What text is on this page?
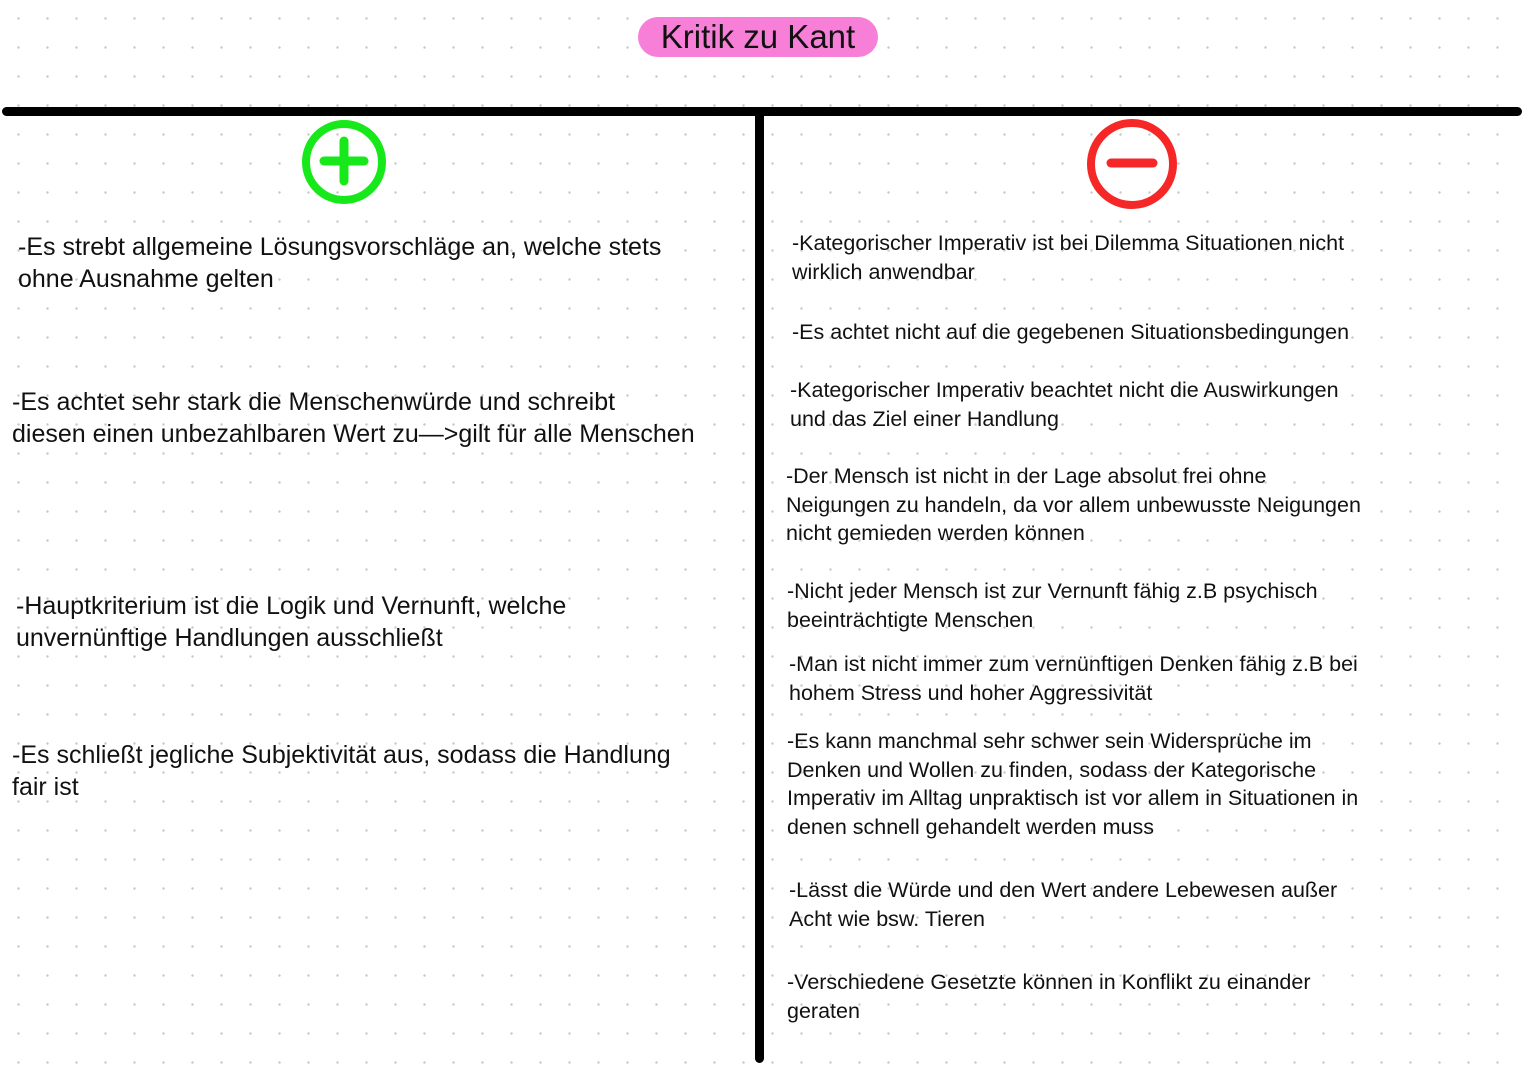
Kritik zu Kant

-Es strebt allgemeine Lösungsvorschläge an, welche stets
ohne Ausnahme gelten

-Es achtet sehr stark die Menschenwürde und schreibt
diesen einen unbezahlbaren Wert zu—>gilt für alle Menschen

-Hauptkriterium ist die Logik und Vernunft, welche
unvernünftige Handlungen ausschließt

-Es schließt jegliche Subjektivität aus, sodass die Handlung
fair ist

-Kategorischer Imperativ ist bei Dilemma Situationen nicht
wirklich anwendbar

-Es achtet nicht auf die gegebenen Situationsbedingungen

-Kategorischer Imperativ beachtet nicht die Auswirkungen
und das Ziel einer Handlung

-Der Mensch ist nicht in der Lage absolut frei ohne
Neigungen zu handeln, da vor allem unbewusste Neigungen
nicht gemieden werden können

-Nicht jeder Mensch ist zur Vernunft fähig z.B psychisch
beeinträchtigte Menschen

-Man ist nicht immer zum vernünftigen Denken fähig z.B bei
hohem Stress und hoher Aggressivität

-Es kann manchmal sehr schwer sein Widersprüche im
Denken und Wollen zu finden, sodass der Kategorische
Imperativ im Alltag unpraktisch ist vor allem in Situationen in
denen schnell gehandelt werden muss

-Lässt die Würde und den Wert andere Lebewesen außer
Acht wie bsw. Tieren

-Verschiedene Gesetzte können in Konflikt zu einander
geraten
